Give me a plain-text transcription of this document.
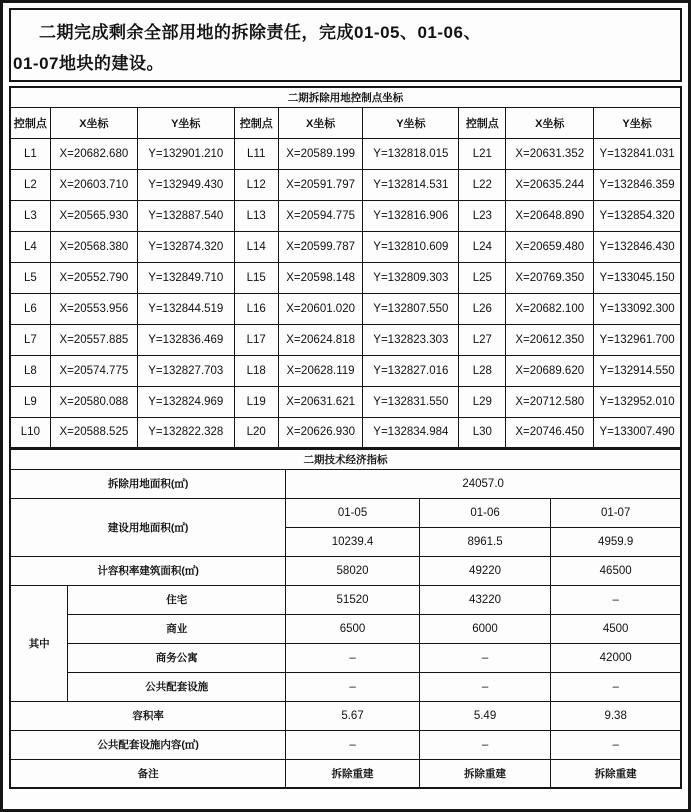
二期完成剩余全部用地的拆除责任，完成01-05、01-06、
01-07地块的建设。
二期拆除用地控制点坐标								
控制点	X坐标	Y坐标	控制点	X坐标	Y坐标	控制点	X坐标	Y坐标
L1	X=20682.680	Y=132901.210	L11	X=20589.199	Y=132818.015	L21	X=20631.352	Y=132841.031
L2	X=20603.710	Y=132949.430	L12	X=20591.797	Y=132814.531	L22	X=20635.244	Y=132846.359
L3	X=20565.930	Y=132887.540	L13	X=20594.775	Y=132816.906	L23	X=20648.890	Y=132854.320
L4	X=20568.380	Y=132874.320	L14	X=20599.787	Y=132810.609	L24	X=20659.480	Y=132846.430
L5	X=20552.790	Y=132849.710	L15	X=20598.148	Y=132809.303	L25	X=20769.350	Y=133045.150
L6	X=20553.956	Y=132844.519	L16	X=20601.020	Y=132807.550	L26	X=20682.100	Y=133092.300
L7	X=20557.885	Y=132836.469	L17	X=20624.818	Y=132823.303	L27	X=20612.350	Y=132961.700
L8	X=20574.775	Y=132827.703	L18	X=20628.119	Y=132827.016	L28	X=20689.620	Y=132914.550
L9	X=20580.088	Y=132824.969	L19	X=20631.621	Y=132831.550	L29	X=20712.580	Y=132952.010
L10	X=20588.525	Y=132822.328	L20	X=20626.930	Y=132834.984	L30	X=20746.450	Y=133007.490
二期技术经济指标				
拆除用地面积(㎡)		24057.0		
建设用地面积(㎡)		01-05	01-06	01-07
		10239.4	8961.5	4959.9
计容积率建筑面积(㎡)		58020	49220	46500
其中	住宅	51520	43220	–
	商业	6500	6000	4500
	商务公寓	–	–	42000
	公共配套设施	–	–	–
容积率		5.67	5.49	9.38
公共配套设施内容(㎡)		–	–	–
备注		拆除重建	拆除重建	拆除重建
